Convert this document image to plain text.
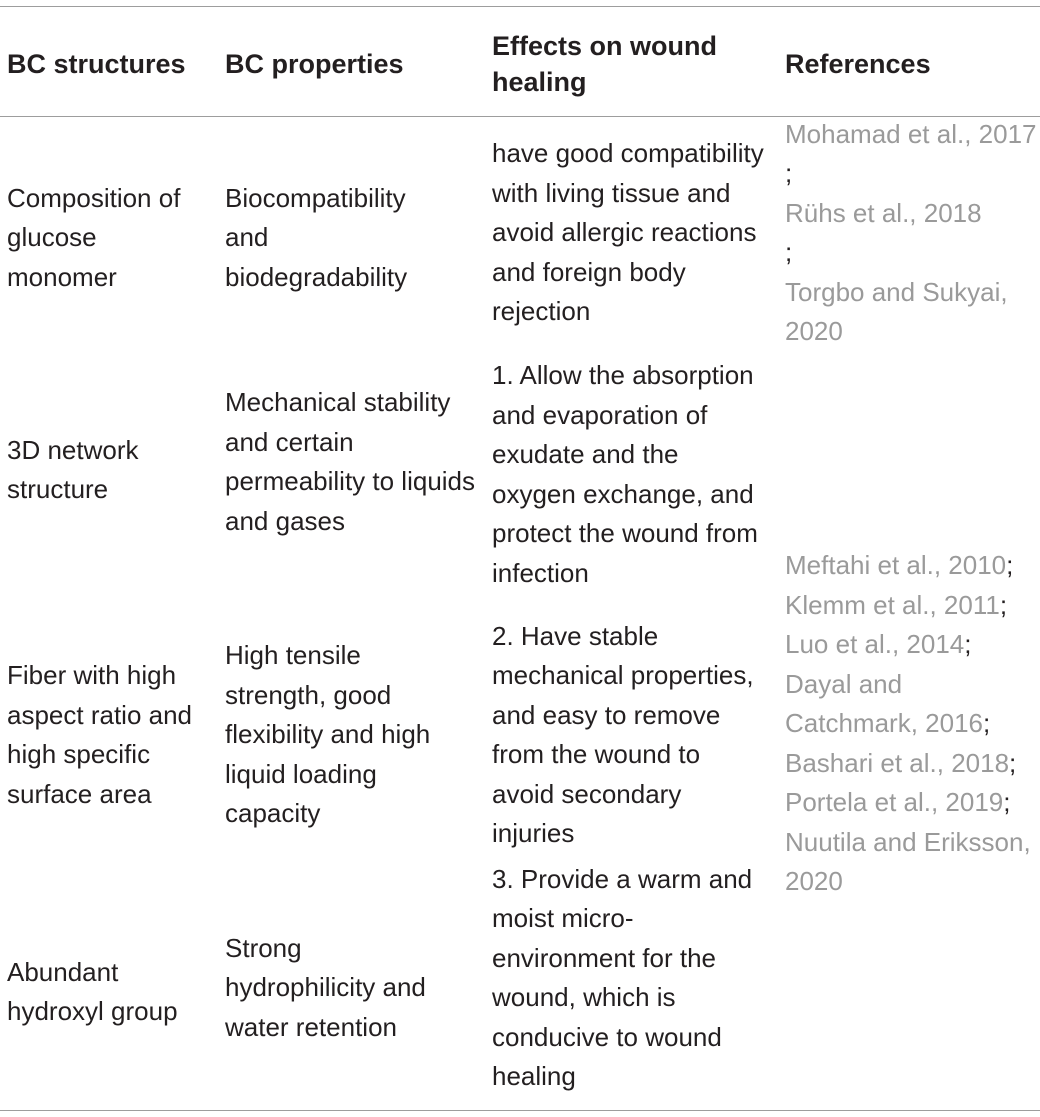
BC structures	BC properties
Effects on wound healing
References
Composition of glucose monomer
3D network structure
Fiber with high aspect ratio and high specific surface area
Abundant hydroxyl group
Biocompatibility and biodegradability
Mechanical stability and certain permeability to liquids and gases
High tensile strength, good flexibility and high liquid loading capacity
Strong hydrophilicity and water retention
have good compatibility with living tissue and avoid allergic reactions and foreign body rejection
1. Allow the absorption and evaporation of exudate and the oxygen exchange, and protect the wound from infection
2. Have stable mechanical properties, and easy to remove from the wound to avoid secondary injuries
3. Provide a warm and moist micro-environment for the wound, which is conducive to wound healing
Mohamad et al., 2017
;
Rühs et al., 2018
;
Torgbo and Sukyai, 2020
Meftahi et al., 2010; Klemm et al., 2011; Luo et al., 2014; Dayal and Catchmark, 2016; Bashari et al., 2018; Portela et al., 2019; Nuutila and Eriksson, 2020
